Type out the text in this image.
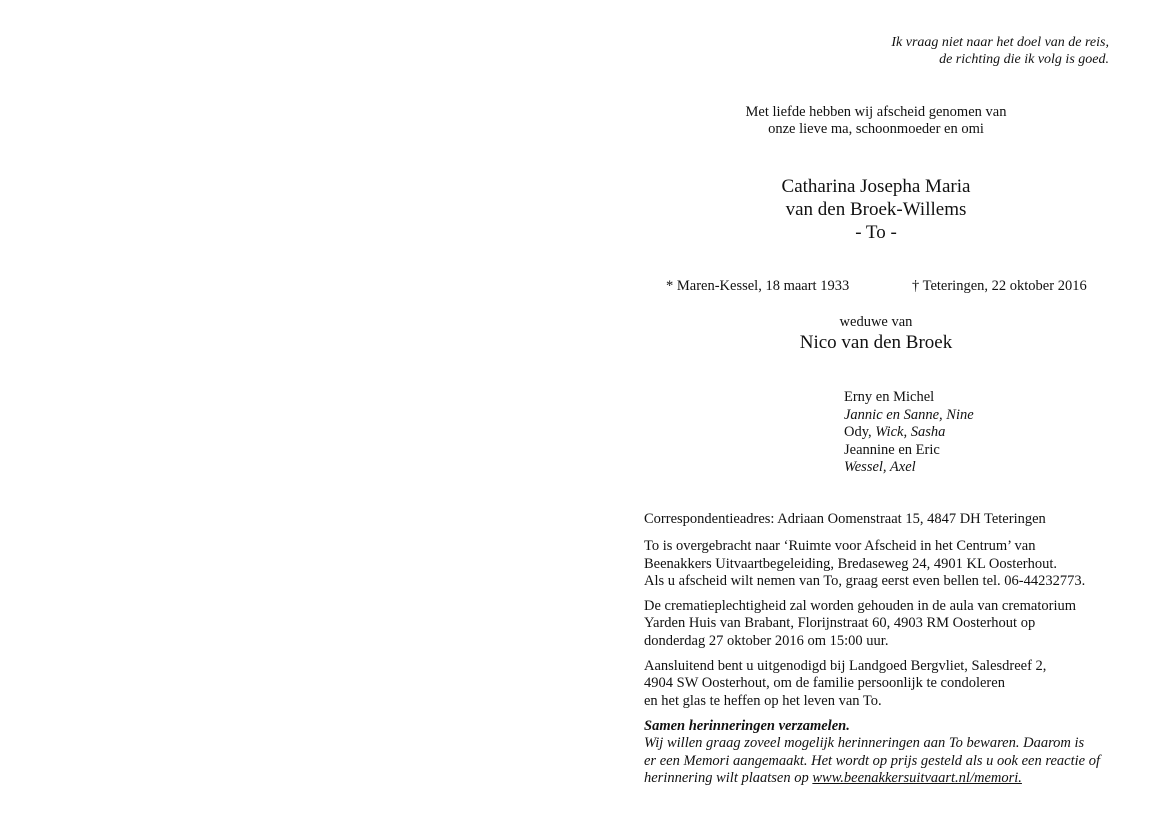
Ik vraag niet naar het doel van de reis,
de richting die ik volg is goed.
Met liefde hebben wij afscheid genomen van
onze lieve ma, schoonmoeder en omi
Catharina Josepha Maria
van den Broek-Willems
- To -
* Maren-Kessel, 18 maart 1933	† Teteringen, 22 oktober 2016
weduwe van
Nico van den Broek
Erny en Michel
Jannic en Sanne, Nine
Ody, Wick, Sasha
Jeannine en Eric
Wessel, Axel

Correspondentieadres: Adriaan Oomenstraat 15, 4847 DH Teteringen

To is overgebracht naar ‘Ruimte voor Afscheid in het Centrum’ van
Beenakkers Uitvaartbegeleiding, Bredaseweg 24, 4901 KL Oosterhout.
Als u afscheid wilt nemen van To, graag eerst even bellen tel. 06-44232773.

De crematieplechtigheid zal worden gehouden in de aula van crematorium
Yarden Huis van Brabant, Florijnstraat 60, 4903 RM Oosterhout op
donderdag 27 oktober 2016 om 15:00 uur.

Aansluitend bent u uitgenodigd bij Landgoed Bergvliet, Salesdreef 2,
4904 SW Oosterhout, om de familie persoonlijk te condoleren
en het glas te heffen op het leven van To.

Samen herinneringen verzamelen.
Wij willen graag zoveel mogelijk herinneringen aan To bewaren. Daarom is
er een Memori aangemaakt. Het wordt op prijs gesteld als u ook een reactie of
herinnering wilt plaatsen op www.beenakkersuitvaart.nl/memori.
